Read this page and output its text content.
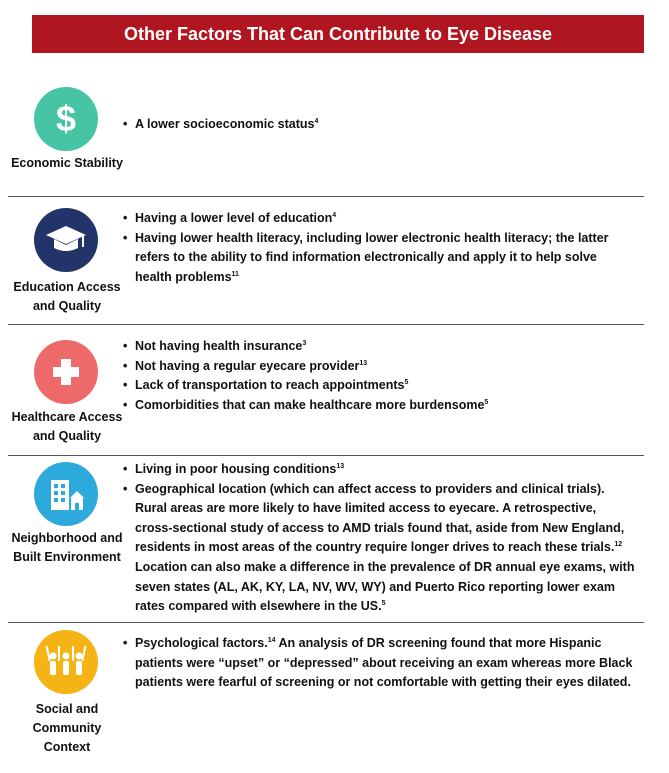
Other Factors That Can Contribute to Eye Disease
$
Economic Stability
• A lower socioeconomic status$^4$
Education Access and Quality
• Having a lower level of education$^4$
• Having lower health literacy, including lower electronic health literacy; the latter refers to the ability to find information electronically and apply it to help solve health problems$^{11}$
Healthcare Access and Quality
• Not having health insurance$^3$
• Not having a regular eyecare provider$^{13}$
• Lack of transportation to reach appointments$^5$
• Comorbidities that can make healthcare more burdensome$^5$
Neighborhood and Built Environment
• Living in poor housing conditions$^{13}$
• Geographical location (which can affect access to providers and clinical trials). Rural areas are more likely to have limited access to eyecare. A retrospective, cross-sectional study of access to AMD trials found that, aside from New England, residents in most areas of the country require longer drives to reach these trials.$^{12}$ Location can also make a difference in the prevalence of DR annual eye exams, with seven states (AL, AK, KY, LA, NV, WV, WY) and Puerto Rico reporting lower exam rates compared with elsewhere in the US.$^5$
Social and Community Context
• Psychological factors.$^{14}$ An analysis of DR screening found that more Hispanic patients were “upset” or “depressed” about receiving an exam whereas more Black patients were fearful of screening or not comfortable with getting their eyes dilated.
